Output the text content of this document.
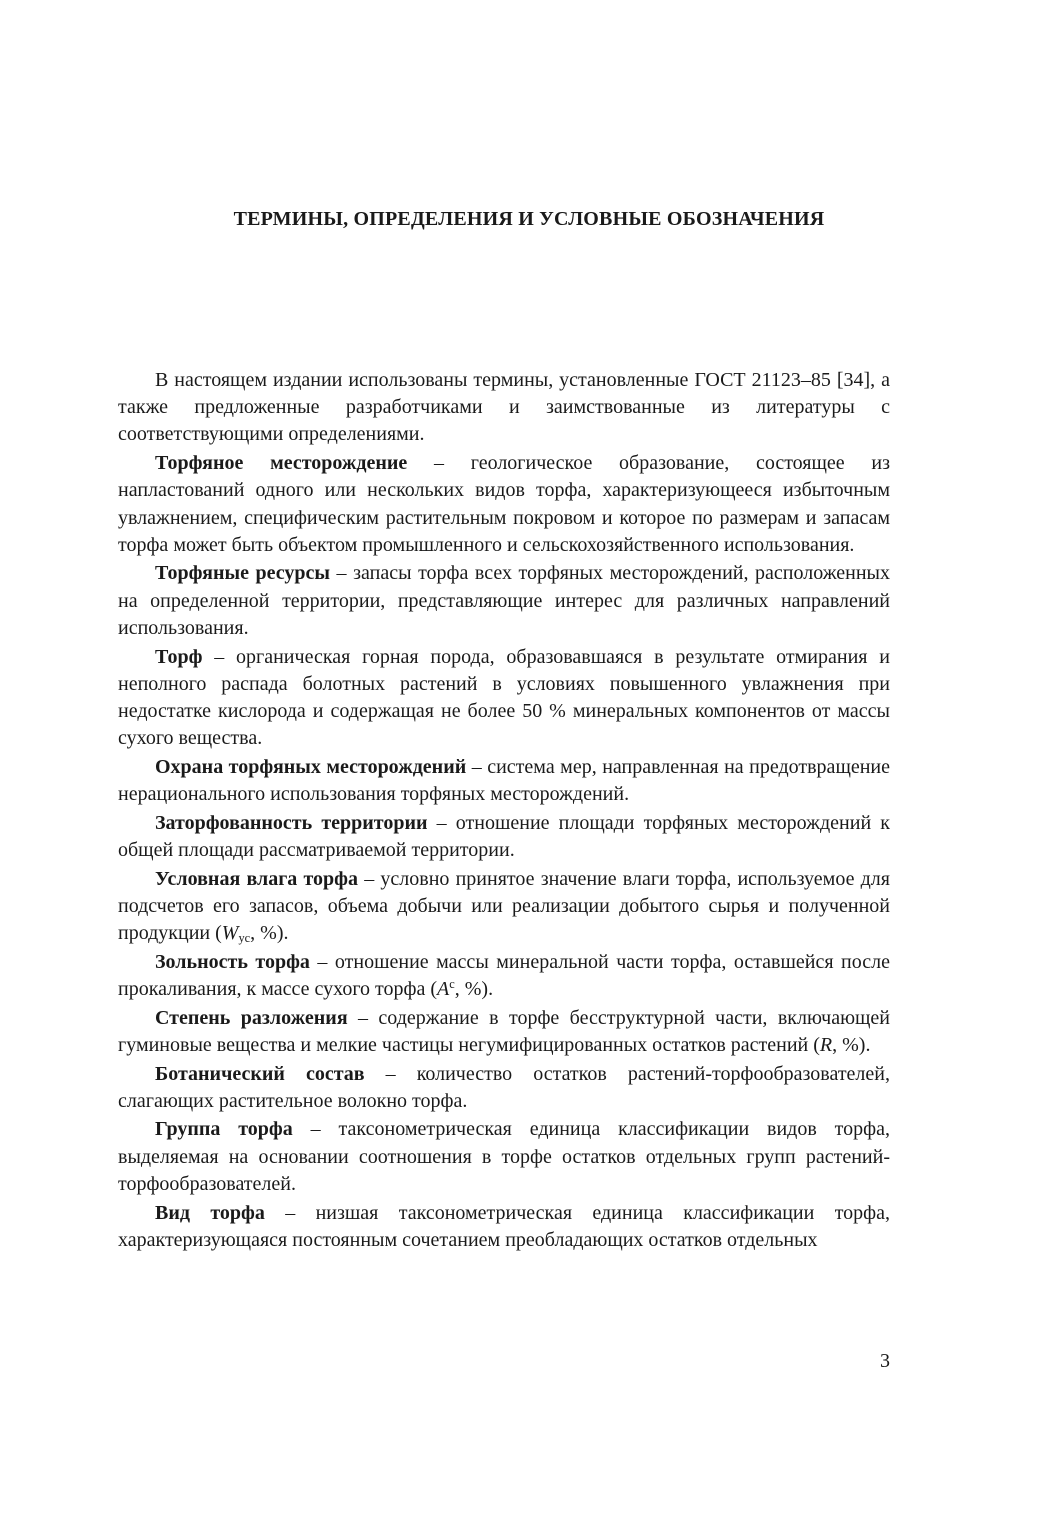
ТЕРМИНЫ, ОПРЕДЕЛЕНИЯ И УСЛОВНЫЕ ОБОЗНАЧЕНИЯ

В настоящем издании использованы термины, установленные ГОСТ 21123–85 [34], а также предложенные разработчиками и заимствованные из литературы с соответствующими определениями.

Торфяное месторождение – геологическое образование, состоящее из напластований одного или нескольких видов торфа, характеризующееся избыточным увлажнением, специфическим растительным покровом и которое по размерам и запасам торфа может быть объектом промышленного и сельскохозяйственного использования.

Торфяные ресурсы – запасы торфа всех торфяных месторождений, расположенных на определенной территории, представляющие интерес для различных направлений использования.

Торф – органическая горная порода, образовавшаяся в результате отмирания и неполного распада болотных растений в условиях повышенного увлажнения при недостатке кислорода и содержащая не более 50 % минеральных компонентов от массы сухого вещества.

Охрана торфяных месторождений – система мер, направленная на предотвращение нерационального использования торфяных месторождений.

Заторфованность территории – отношение площади торфяных месторождений к общей площади рассматриваемой территории.

Условная влага торфа – условно принятое значение влаги торфа, используемое для подсчетов его запасов, объема добычи или реализации добытого сырья и полученной продукции ($W_{ус}$, %).

Зольность торфа – отношение массы минеральной части торфа, оставшейся после прокаливания, к массе сухого торфа ($A^c$, %).

Степень разложения – содержание в торфе бесструктурной части, включающей гуминовые вещества и мелкие частицы негумифицированных остатков растений (R, %).

Ботанический состав – количество остатков растений-торфообразователей, слагающих растительное волокно торфа.

Группа торфа – таксонометрическая единица классификации видов торфа, выделяемая на основании соотношения в торфе остатков отдельных групп растений-торфообразователей.

Вид торфа – низшая таксонометрическая единица классификации торфа, характеризующаяся постоянным сочетанием преобладающих остатков отдельных

3
